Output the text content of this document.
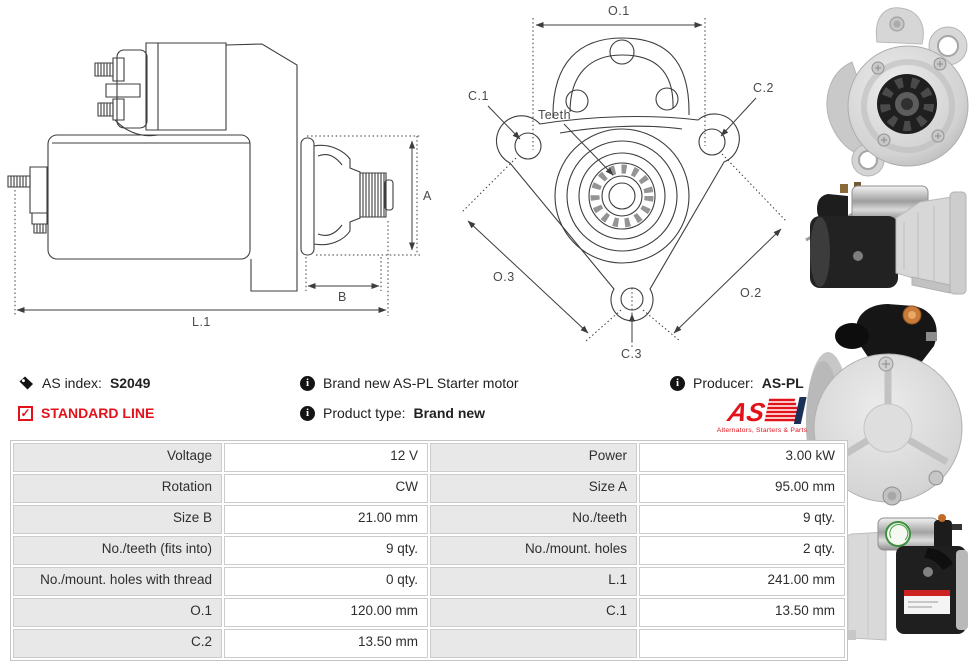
A
B
L.1
O.1
C.1
C.2
Teeth
O.3
O.2
C.3
AS index: S2049
✓ STANDARD LINE
i Brand new AS-PL Starter motor
i Product type: Brand new
i Producer: AS-PL
AS
Alternators, Starters & Parts
Voltage	12 V	Power	3.00 kW
Rotation	CW	Size A	95.00 mm
Size B	21.00 mm	No./teeth	9 qty.
No./teeth (fits into)	9 qty.	No./mount. holes	2 qty.
No./mount. holes with thread	0 qty.	L.1	241.00 mm
O.1	120.00 mm	C.1	13.50 mm
C.2	13.50 mm		
